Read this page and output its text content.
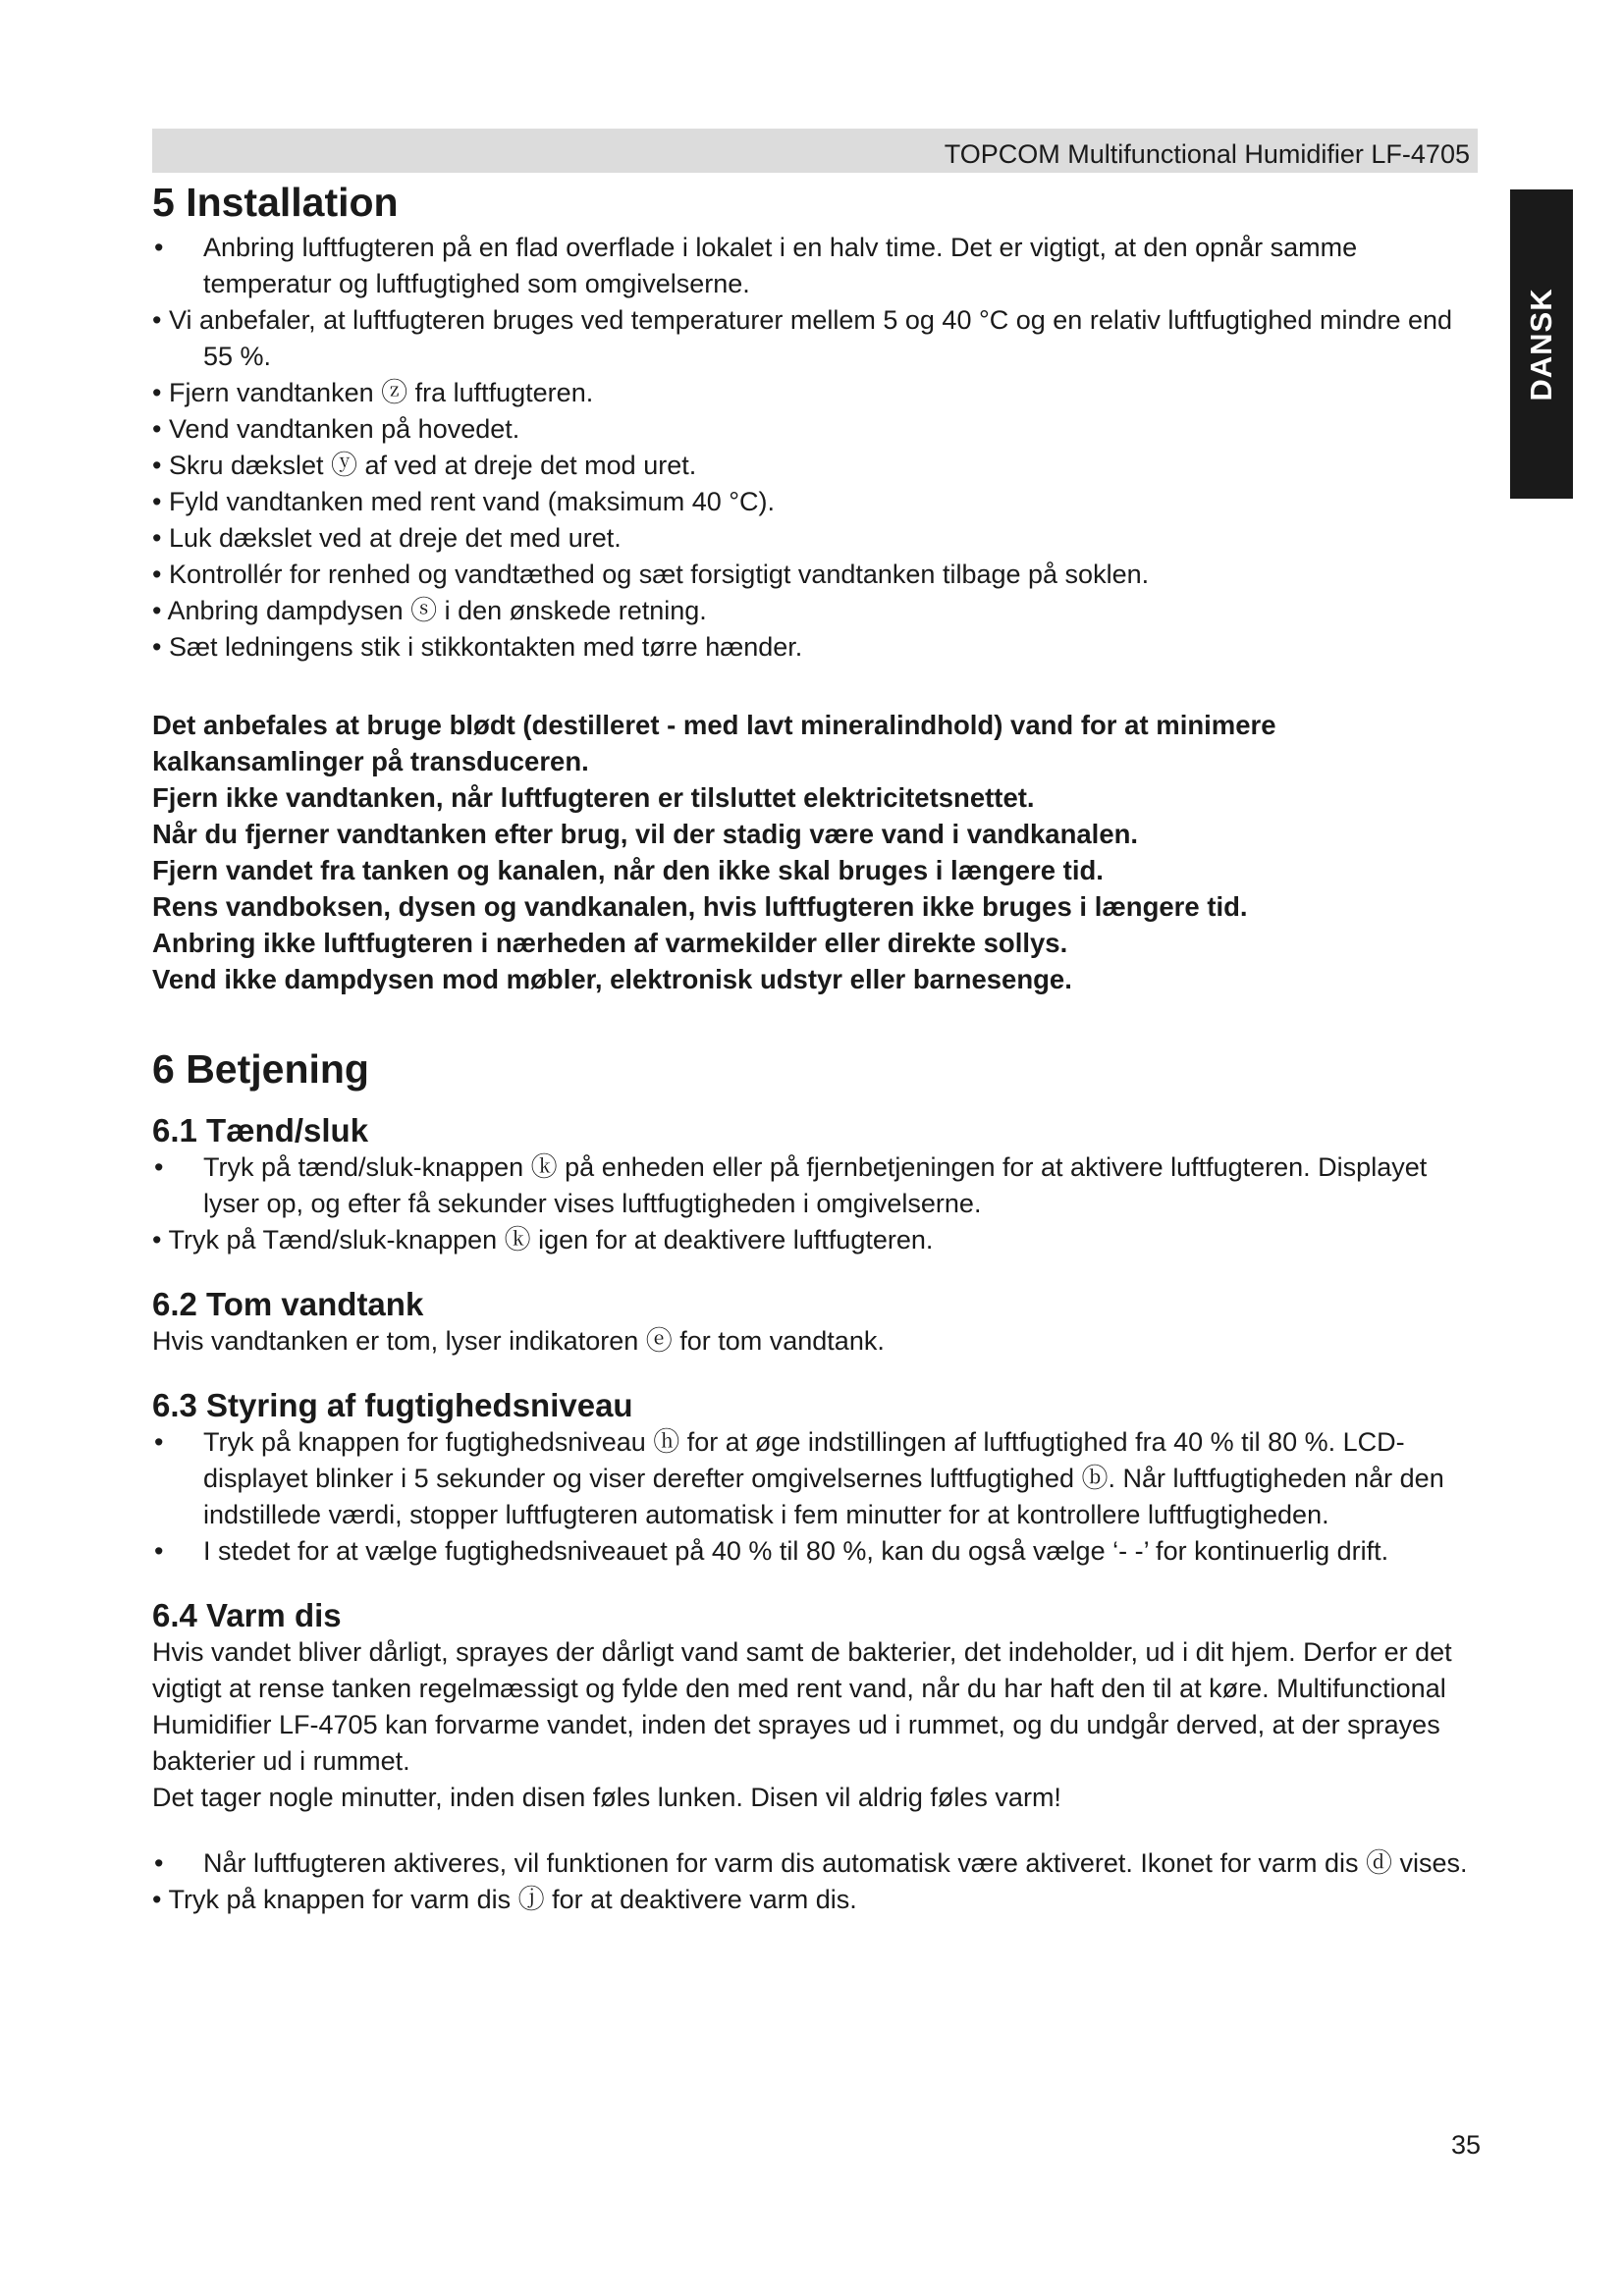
TOPCOM Multifunctional Humidifier LF-4705
DANSK
5 Installation
• Anbring luftfugteren på en flad overflade i lokalet i en halv time. Det er vigtigt, at den opnår samme temperatur og luftfugtighed som omgivelserne.
• Vi anbefaler, at luftfugteren bruges ved temperaturer mellem 5 og 40 °C og en relativ luftfugtighed mindre end 55 %.
• Fjern vandtanken ⓩ fra luftfugteren.
• Vend vandtanken på hovedet.
• Skru dækslet ⓨ af ved at dreje det mod uret.
• Fyld vandtanken med rent vand (maksimum 40 °C).
• Luk dækslet ved at dreje det med uret.
• Kontrollér for renhed og vandtæthed og sæt forsigtigt vandtanken tilbage på soklen.
• Anbring dampdysen ⓢ i den ønskede retning.
• Sæt ledningens stik i stikkontakten med tørre hænder.

Det anbefales at bruge blødt (destilleret - med lavt mineralindhold) vand for at minimere kalkansamlinger på transduceren.

Fjern ikke vandtanken, når luftfugteren er tilsluttet elektricitetsnettet.

Når du fjerner vandtanken efter brug, vil der stadig være vand i vandkanalen.

Fjern vandet fra tanken og kanalen, når den ikke skal bruges i længere tid.

Rens vandboksen, dysen og vandkanalen, hvis luftfugteren ikke bruges i længere tid.

Anbring ikke luftfugteren i nærheden af varmekilder eller direkte sollys.

Vend ikke dampdysen mod møbler, elektronisk udstyr eller barnesenge.

6 Betjening
6.1 Tænd/sluk
• Tryk på tænd/sluk-knappen ⓚ på enheden eller på fjernbetjeningen for at aktivere luftfugteren. Displayet lyser op, og efter få sekunder vises luftfugtigheden i omgivelserne.
• Tryk på Tænd/sluk-knappen ⓚ igen for at deaktivere luftfugteren.
6.2 Tom vandtank

Hvis vandtanken er tom, lyser indikatoren ⓔ for tom vandtank.

6.3 Styring af fugtighedsniveau
• Tryk på knappen for fugtighedsniveau ⓗ for at øge indstillingen af luftfugtighed fra 40 % til 80 %. LCD-displayet blinker i 5 sekunder og viser derefter omgivelsernes luftfugtighed ⓑ. Når luftfugtigheden når den indstillede værdi, stopper luftfugteren automatisk i fem minutter for at kontrollere luftfugtigheden.
• I stedet for at vælge fugtighedsniveauet på 40 % til 80 %, kan du også vælge ‘- -’ for kontinuerlig drift.
6.4 Varm dis

Hvis vandet bliver dårligt, sprayes der dårligt vand samt de bakterier, det indeholder, ud i dit hjem. Derfor er det vigtigt at rense tanken regelmæssigt og fylde den med rent vand, når du har haft den til at køre. Multifunctional Humidifier LF-4705 kan forvarme vandet, inden det sprayes ud i rummet, og du undgår derved, at der sprayes bakterier ud i rummet.

Det tager nogle minutter, inden disen føles lunken. Disen vil aldrig føles varm!

• Når luftfugteren aktiveres, vil funktionen for varm dis automatisk være aktiveret. Ikonet for varm dis ⓓ vises.
• Tryk på knappen for varm dis ⓙ for at deaktivere varm dis.
35
